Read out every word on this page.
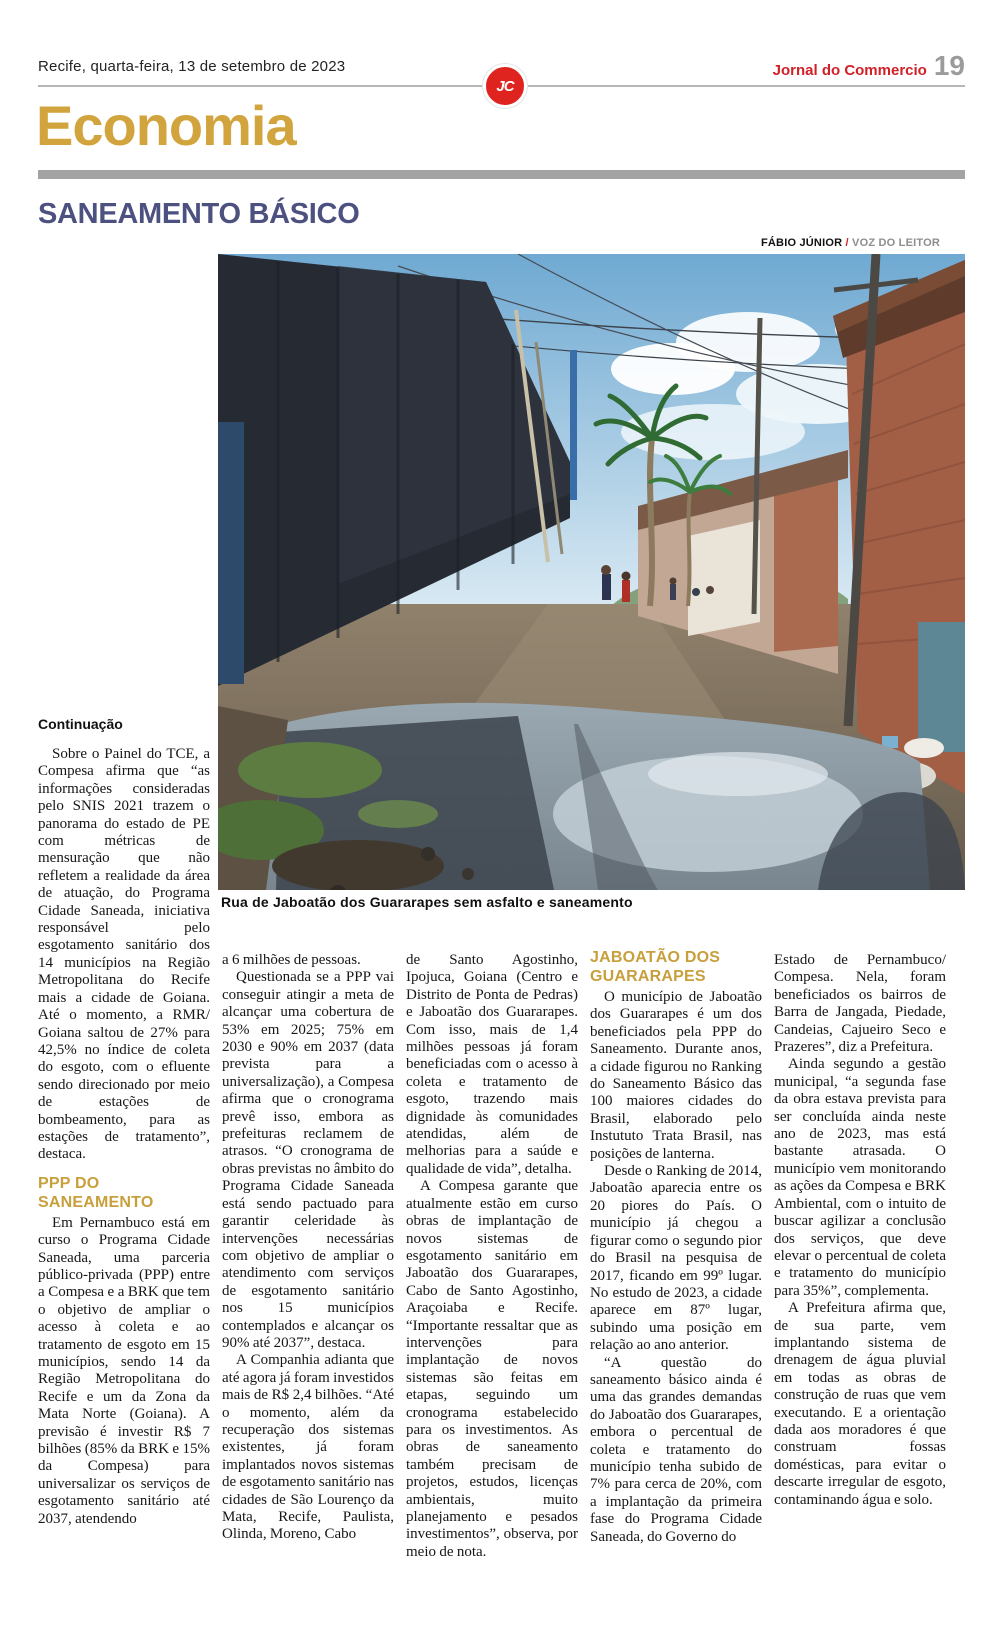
Recife, quarta-feira, 13 de setembro de 2023	Jornal do Commercio 19
JC
Economia
SANEAMENTO BÁSICO
FÁBIO JÚNIOR / VOZ DO LEITOR
Rua de Jaboatão dos Guararapes sem asfalto e saneamento

Continuação

Sobre o Painel do TCE, a Compesa afirma que “as informações consideradas pelo SNIS 2021 trazem o panorama do estado de PE com métricas de mensuração que não refletem a realidade da área de atuação, do Programa Cidade Saneada, iniciativa responsável pelo esgotamento sanitário dos 14 municípios na Região Metropolitana do Recife mais a cidade de Goiana. Até o momento, a RMR/ Goiana saltou de 27% para 42,5% no índice de coleta do esgoto, com o efluente sendo direcionado por meio de estações de bombeamento, para as estações de tratamento”, destaca.

PPP DO SANEAMENTO

Em Pernambuco está em curso o Programa Cidade Saneada, uma parceria público-privada (PPP) entre a Compesa e a BRK que tem o objetivo de ampliar o acesso à coleta e ao tratamento de esgoto em 15 municípios, sendo 14 da Região Metropolitana do Recife e um da Zona da Mata Norte (Goiana). A previsão é investir R$ 7 bilhões (85% da BRK e 15% da Compesa) para universalizar os serviços de esgotamento sanitário até 2037, atendendo

a 6 milhões de pessoas.

Questionada se a PPP vai conseguir atingir a meta de alcançar uma cobertura de 53% em 2025; 75% em 2030 e 90% em 2037 (data prevista para a universalização), a Compesa afirma que o cronograma prevê isso, embora as prefeituras reclamem de atrasos. “O cronograma de obras previstas no âmbito do Programa Cidade Saneada está sendo pactuado para garantir celeridade às intervenções necessárias com objetivo de ampliar o atendimento com serviços de esgotamento sanitário nos 15 municípios contemplados e alcançar os 90% até 2037”, destaca.

A Companhia adianta que até agora já foram investidos mais de R$ 2,4 bilhões. “Até o momento, além da recuperação dos sistemas existentes, já foram implantados novos sistemas de esgotamento sanitário nas cidades de São Lourenço da Mata, Recife, Paulista, Olinda, Moreno, Cabo

de Santo Agostinho, Ipojuca, Goiana (Centro e Distrito de Ponta de Pedras) e Jaboatão dos Guararapes. Com isso, mais de 1,4 milhões pessoas já foram beneficiadas com o acesso à coleta e tratamento de esgoto, trazendo mais dignidade às comunidades atendidas, além de melhorias para a saúde e qualidade de vida”, detalha.

A Compesa garante que atualmente estão em curso obras de implantação de novos sistemas de esgotamento sanitário em Jaboatão dos Guararapes, Cabo de Santo Agostinho, Araçoiaba e Recife. “Importante ressaltar que as intervenções para implantação de novos sistemas são feitas em etapas, seguindo um cronograma estabelecido para os investimentos. As obras de saneamento também precisam de projetos, estudos, licenças ambientais, muito planejamento e pesados investimentos”, observa, por meio de nota.

JABOATÃO DOS GUARARAPES

O município de Jaboatão dos Guararapes é um dos beneficiados pela PPP do Saneamento. Durante anos, a cidade figurou no Ranking do Saneamento Básico das 100 maiores cidades do Brasil, elaborado pelo Instututo Trata Brasil, nas posições de lanterna.

Desde o Ranking de 2014, Jaboatão aparecia entre os 20 piores do País. O município já chegou a figurar como o segundo pior do Brasil na pesquisa de 2017, ficando em 99º lugar. No estudo de 2023, a cidade aparece em 87º lugar, subindo uma posição em relação ao ano anterior.

“A questão do saneamento básico ainda é uma das grandes demandas do Jaboatão dos Guararapes, embora o percentual de coleta e tratamento do município tenha subido de 7% para cerca de 20%, com a implantação da primeira fase do Programa Cidade Saneada, do Governo do

Estado de Pernambuco/ Compesa. Nela, foram beneficiados os bairros de Barra de Jangada, Piedade, Candeias, Cajueiro Seco e Prazeres”, diz a Prefeitura.

Ainda segundo a gestão municipal, “a segunda fase da obra estava prevista para ser concluída ainda neste ano de 2023, mas está bastante atrasada. O município vem monitorando as ações da Compesa e BRK Ambiental, com o intuito de buscar agilizar a conclusão dos serviços, que deve elevar o percentual de coleta e tratamento do município para 35%”, complementa.

A Prefeitura afirma que, de sua parte, vem implantando sistema de drenagem de água pluvial em todas as obras de construção de ruas que vem executando. E a orientação dada aos moradores é que construam fossas domésticas, para evitar o descarte irregular de esgoto, contaminando água e solo.
